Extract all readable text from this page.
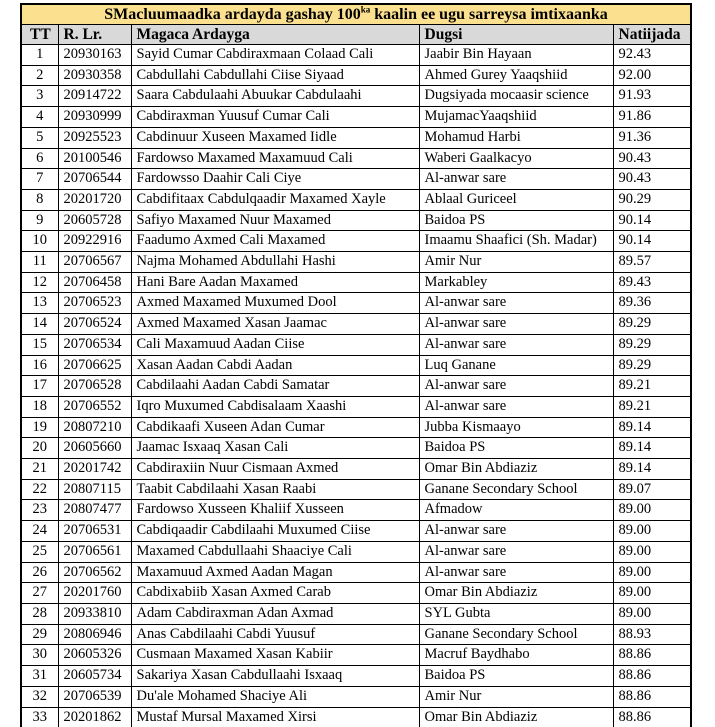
SMacluumaadka ardayda gashay $100^{ka}$ kaalin ee ugu sarreysa imtixaanka				
TT	R. Lr.	Magaca Ardayga	Dugsi	Natiijada
1	20930163	Sayid Cumar Cabdiraxmaan Colaad Cali	Jaabir Bin Hayaan	92.43
2	20930358	Cabdullahi Cabdullahi Ciise Siyaad	Ahmed Gurey Yaaqshiid	92.00
3	20914722	Saara Cabdulaahi Abuukar Cabdulaahi	Dugsiyada mocaasir science	91.93
4	20930999	Cabdiraxman Yuusuf Cumar Cali	MujamacYaaqshiid	91.86
5	20925523	Cabdinuur Xuseen Maxamed Iidle	Mohamud Harbi	91.36
6	20100546	Fardowso Maxamed Maxamuud Cali	Waberi Gaalkacyo	90.43
7	20706544	Fardowsso Daahir Cali Ciye	Al-anwar sare	90.43
8	20201720	Cabdifitaax Cabdulqaadir Maxamed Xayle	Ablaal Guriceel	90.29
9	20605728	Safiyo Maxamed Nuur Maxamed	Baidoa PS	90.14
10	20922916	Faadumo Axmed Cali Maxamed	Imaamu Shaafici (Sh. Madar)	90.14
11	20706567	Najma Mohamed Abdullahi Hashi	Amir Nur	89.57
12	20706458	Hani Bare Aadan Maxamed	Markabley	89.43
13	20706523	Axmed Maxamed Muxumed Dool	Al-anwar sare	89.36
14	20706524	Axmed Maxamed Xasan Jaamac	Al-anwar sare	89.29
15	20706534	Cali Maxamuud Aadan Ciise	Al-anwar sare	89.29
16	20706625	Xasan Aadan Cabdi Aadan	Luq Ganane	89.29
17	20706528	Cabdilaahi Aadan Cabdi Samatar	Al-anwar sare	89.21
18	20706552	Iqro Muxumed Cabdisalaam Xaashi	Al-anwar sare	89.21
19	20807210	Cabdikaafi Xuseen Adan Cumar	Jubba Kismaayo	89.14
20	20605660	Jaamac Isxaaq Xasan Cali	Baidoa PS	89.14
21	20201742	Cabdiraxiin Nuur Cismaan Axmed	Omar Bin Abdiaziz	89.14
22	20807115	Taabit Cabdilaahi Xasan Raabi	Ganane Secondary School	89.07
23	20807477	Fardowso Xusseen Khaliif Xusseen	Afmadow	89.00
24	20706531	Cabdiqaadir Cabdilaahi Muxumed Ciise	Al-anwar sare	89.00
25	20706561	Maxamed Cabdullaahi Shaaciye Cali	Al-anwar sare	89.00
26	20706562	Maxamuud Axmed Aadan Magan	Al-anwar sare	89.00
27	20201760	Cabdixabiib Xasan Axmed Carab	Omar Bin Abdiaziz	89.00
28	20933810	Adam Cabdiraxman Adan Axmad	SYL Gubta	89.00
29	20806946	Anas Cabdilaahi Cabdi Yuusuf	Ganane Secondary School	88.93
30	20605326	Cusmaan Maxamed Xasan Kabiir	Macruf Baydhabo	88.86
31	20605734	Sakariya Xasan Cabdullaahi Isxaaq	Baidoa PS	88.86
32	20706539	Du'ale Mohamed Shaciye Ali	Amir Nur	88.86
33	20201862	Mustaf Mursal Maxamed Xirsi	Omar Bin Abdiaziz	88.86
